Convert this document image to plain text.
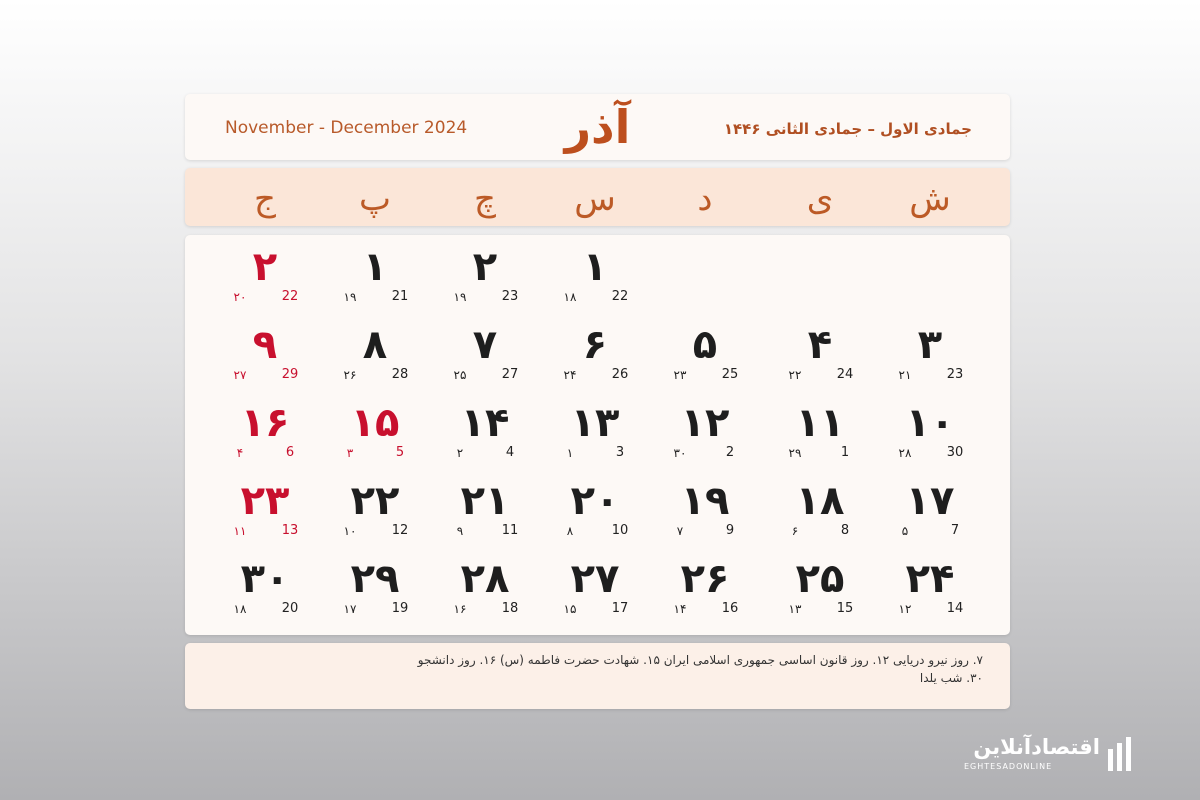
November - December 2024	آذر	جمادی الاول – جمادی الثانی ۱۴۴۶
ش
ی
د
س
چ
پ
ج
۱
22
۱۸
۲
23
۱۹
۱
21
۱۹
۲
22
۲۰
۳
23
۲۱
۴
24
۲۲
۵
25
۲۳
۶
26
۲۴
۷
27
۲۵
۸
28
۲۶
۹
29
۲۷
۱۰
30
۲۸
۱۱
1
۲۹
۱۲
2
۳۰
۱۳
3
۱
۱۴
4
۲
۱۵
5
۳
۱۶
6
۴
۱۷
7
۵
۱۸
8
۶
۱۹
9
۷
۲۰
10
۸
۲۱
11
۹
۲۲
12
۱۰
۲۳
13
۱۱
۲۴
14
۱۲
۲۵
15
۱۳
۲۶
16
۱۴
۲۷
17
۱۵
۲۸
18
۱۶
۲۹
19
۱۷
۳۰
20
۱۸
۷. روز نیرو دریایی ۱۲. روز قانون اساسی جمهوری اسلامی ایران ۱۵. شهادت حضرت فاطمه (س) ۱۶. روز دانشجو
۳۰. شب یلدا
اقتصادآنلاین
EGHTESADONLINE
